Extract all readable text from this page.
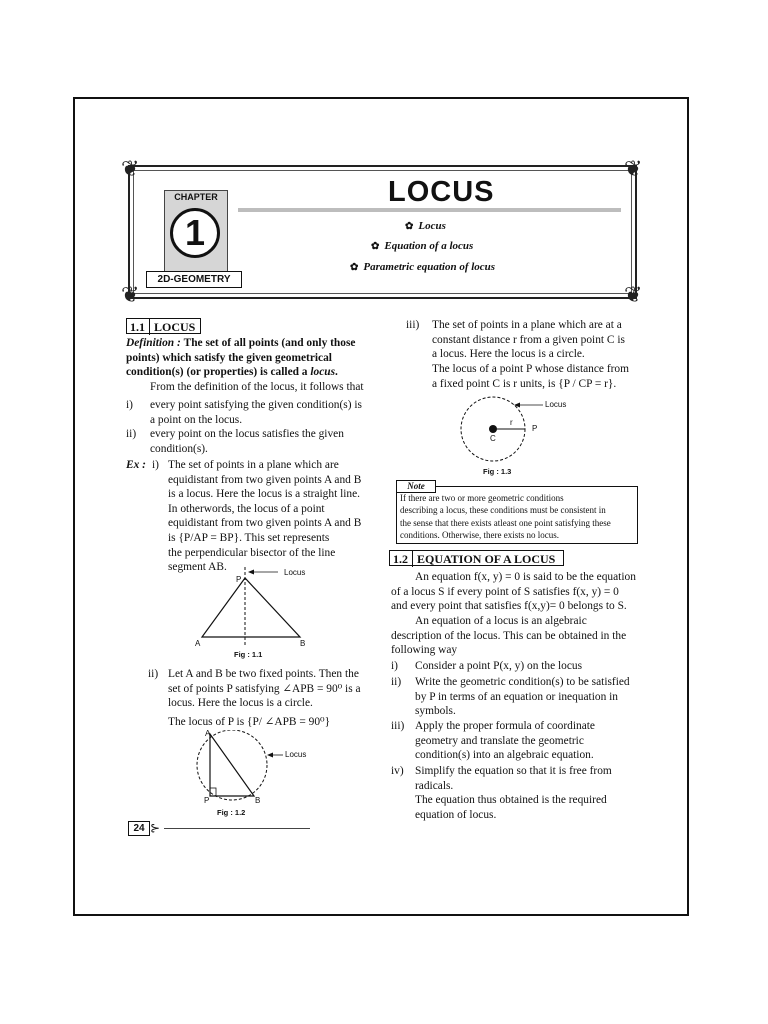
❦	❦
❦	❦
CHAPTER
1
2D-GEOMETRY
LOCUS
✿ Locus
✿ Equation of a locus
✿ Parametric equation of locus
1.1 LOCUS
Definition : The set of all points (and only those
points) which satisfy the given geometrical
condition(s) (or properties) is called a locus.
From the definition of the locus, it follows that
i) every point satisfying the given condition(s) is
a point on the locus.
ii) every point on the locus satisfies the given
condition(s).
Ex : i) The set of points in a plane which are
equidistant from two given points A and B
is a locus. Here the locus is a straight line.
In otherwords, the locus of a point
equidistant from two given points A and B
is {P/AP = BP}. This set represents
the perpendicular bisector of the line
segment AB.	Locus
P
A	B
Fig : 1.1
ii) Let A and B be two fixed points. Then the
set of points P satisfying ∠APB = 90⁰ is a
locus. Here the locus is a circle.
The locus of P is {P/ ∠APB = 90⁰}
A
Locus
P	B
Fig : 1.2
iii) The set of points in a plane which are at a
constant distance r from a given point C is
a locus. Here the locus is a circle.
The locus of a point P whose distance from
a fixed point C is r units, is {P / CP = r}.
Locus
r
P
C
Fig : 1.3
Note
If there are two or more geometric conditions
describing a locus, these conditions must be consistent in
the sense that there exists atleast one point satisfying these
conditions. Otherwise, there exists no locus.
1.2 EQUATION OF A LOCUS
An equation f(x, y) = 0 is said to be the equation
of a locus S if every point of S satisfies f(x, y) = 0
and every point that satisfies f(x,y)= 0 belongs to S.
An equation of a locus is an algebraic
description of the locus. This can be obtained in the
following way
i) Consider a point P(x, y) on the locus
ii) Write the geometric condition(s) to be satisfied
by P in terms of an equation or inequation in
symbols.
iii) Apply the proper formula of coordinate
geometry and translate the geometric
condition(s) into an algebraic equation.
iv) Simplify the equation so that it is free from
radicals.
The equation thus obtained is the required
equation of locus.
24 ⊱
